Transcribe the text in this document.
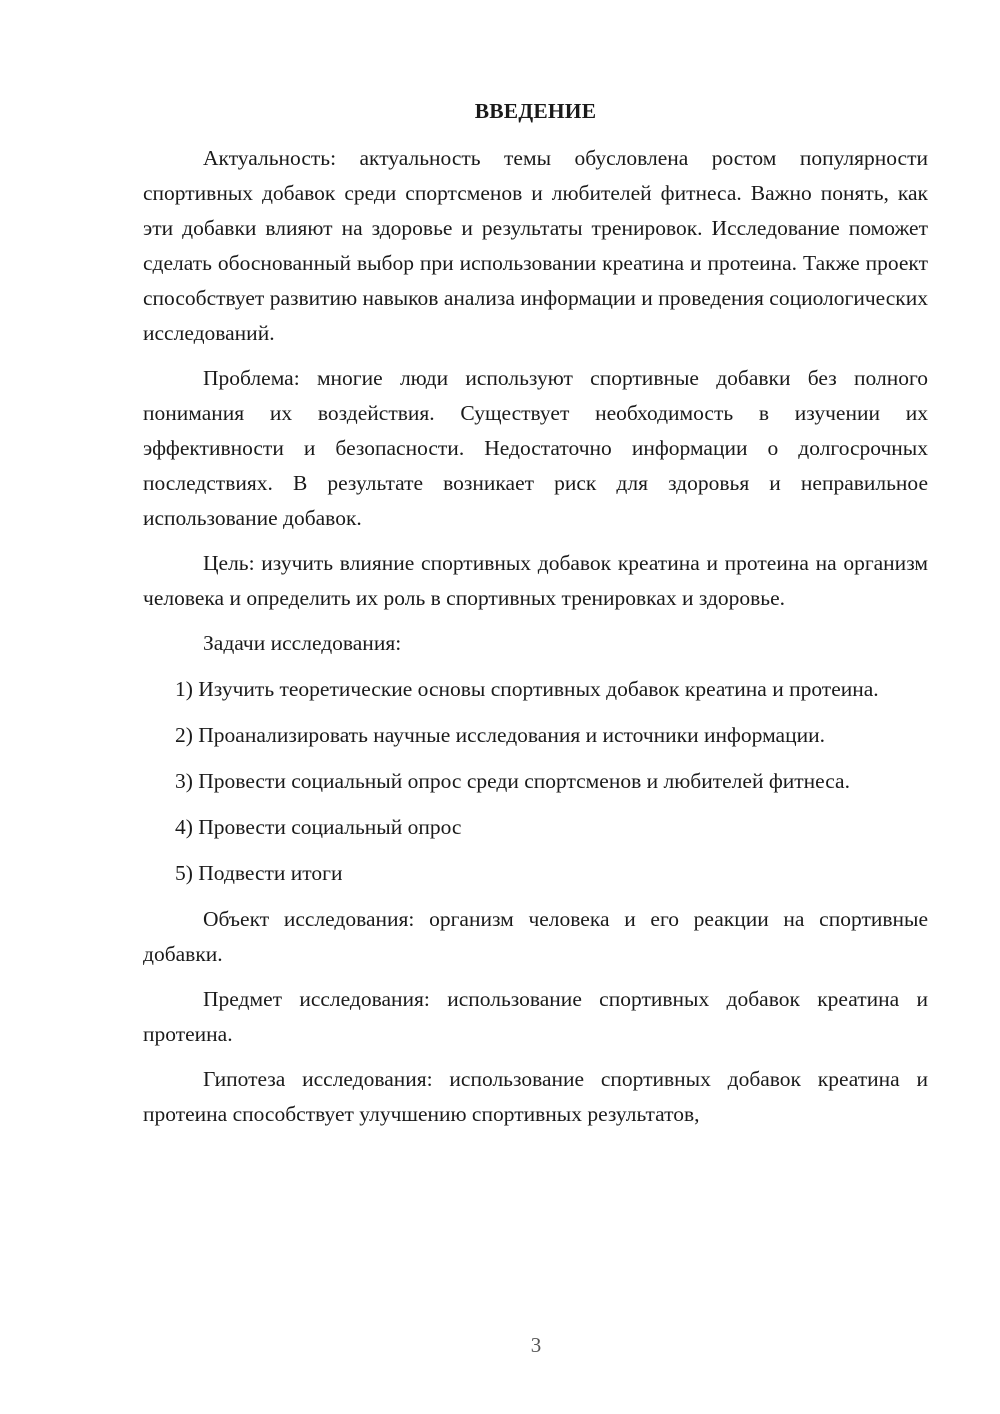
ВВЕДЕНИЕ

Актуальность: актуальность темы обусловлена ростом популярности спортивных добавок среди спортсменов и любителей фитнеса. Важно понять, как эти добавки влияют на здоровье и результаты тренировок. Исследование поможет сделать обоснованный выбор при использовании креатина и протеина. Также проект способствует развитию навыков анализа информации и проведения социологических исследований.

Проблема: многие люди используют спортивные добавки без полного понимания их воздействия. Существует необходимость в изучении их эффективности и безопасности. Недостаточно информации о долгосрочных последствиях. В результате возникает риск для здоровья и неправильное использование добавок.

Цель: изучить влияние спортивных добавок креатина и протеина на организм человека и определить их роль в спортивных тренировках и здоровье.

Задачи исследования:

1) Изучить теоретические основы спортивных добавок креатина и протеина.

2) Проанализировать научные исследования и источники информации.

3) Провести социальный опрос среди спортсменов и любителей фитнеса.

4) Провести социальный опрос

5) Подвести итоги

Объект исследования: организм человека и его реакции на спортивные добавки.

Предмет исследования: использование спортивных добавок креатина и протеина.

Гипотеза исследования: использование спортивных добавок креатина и протеина способствует улучшению спортивных результатов,

3
